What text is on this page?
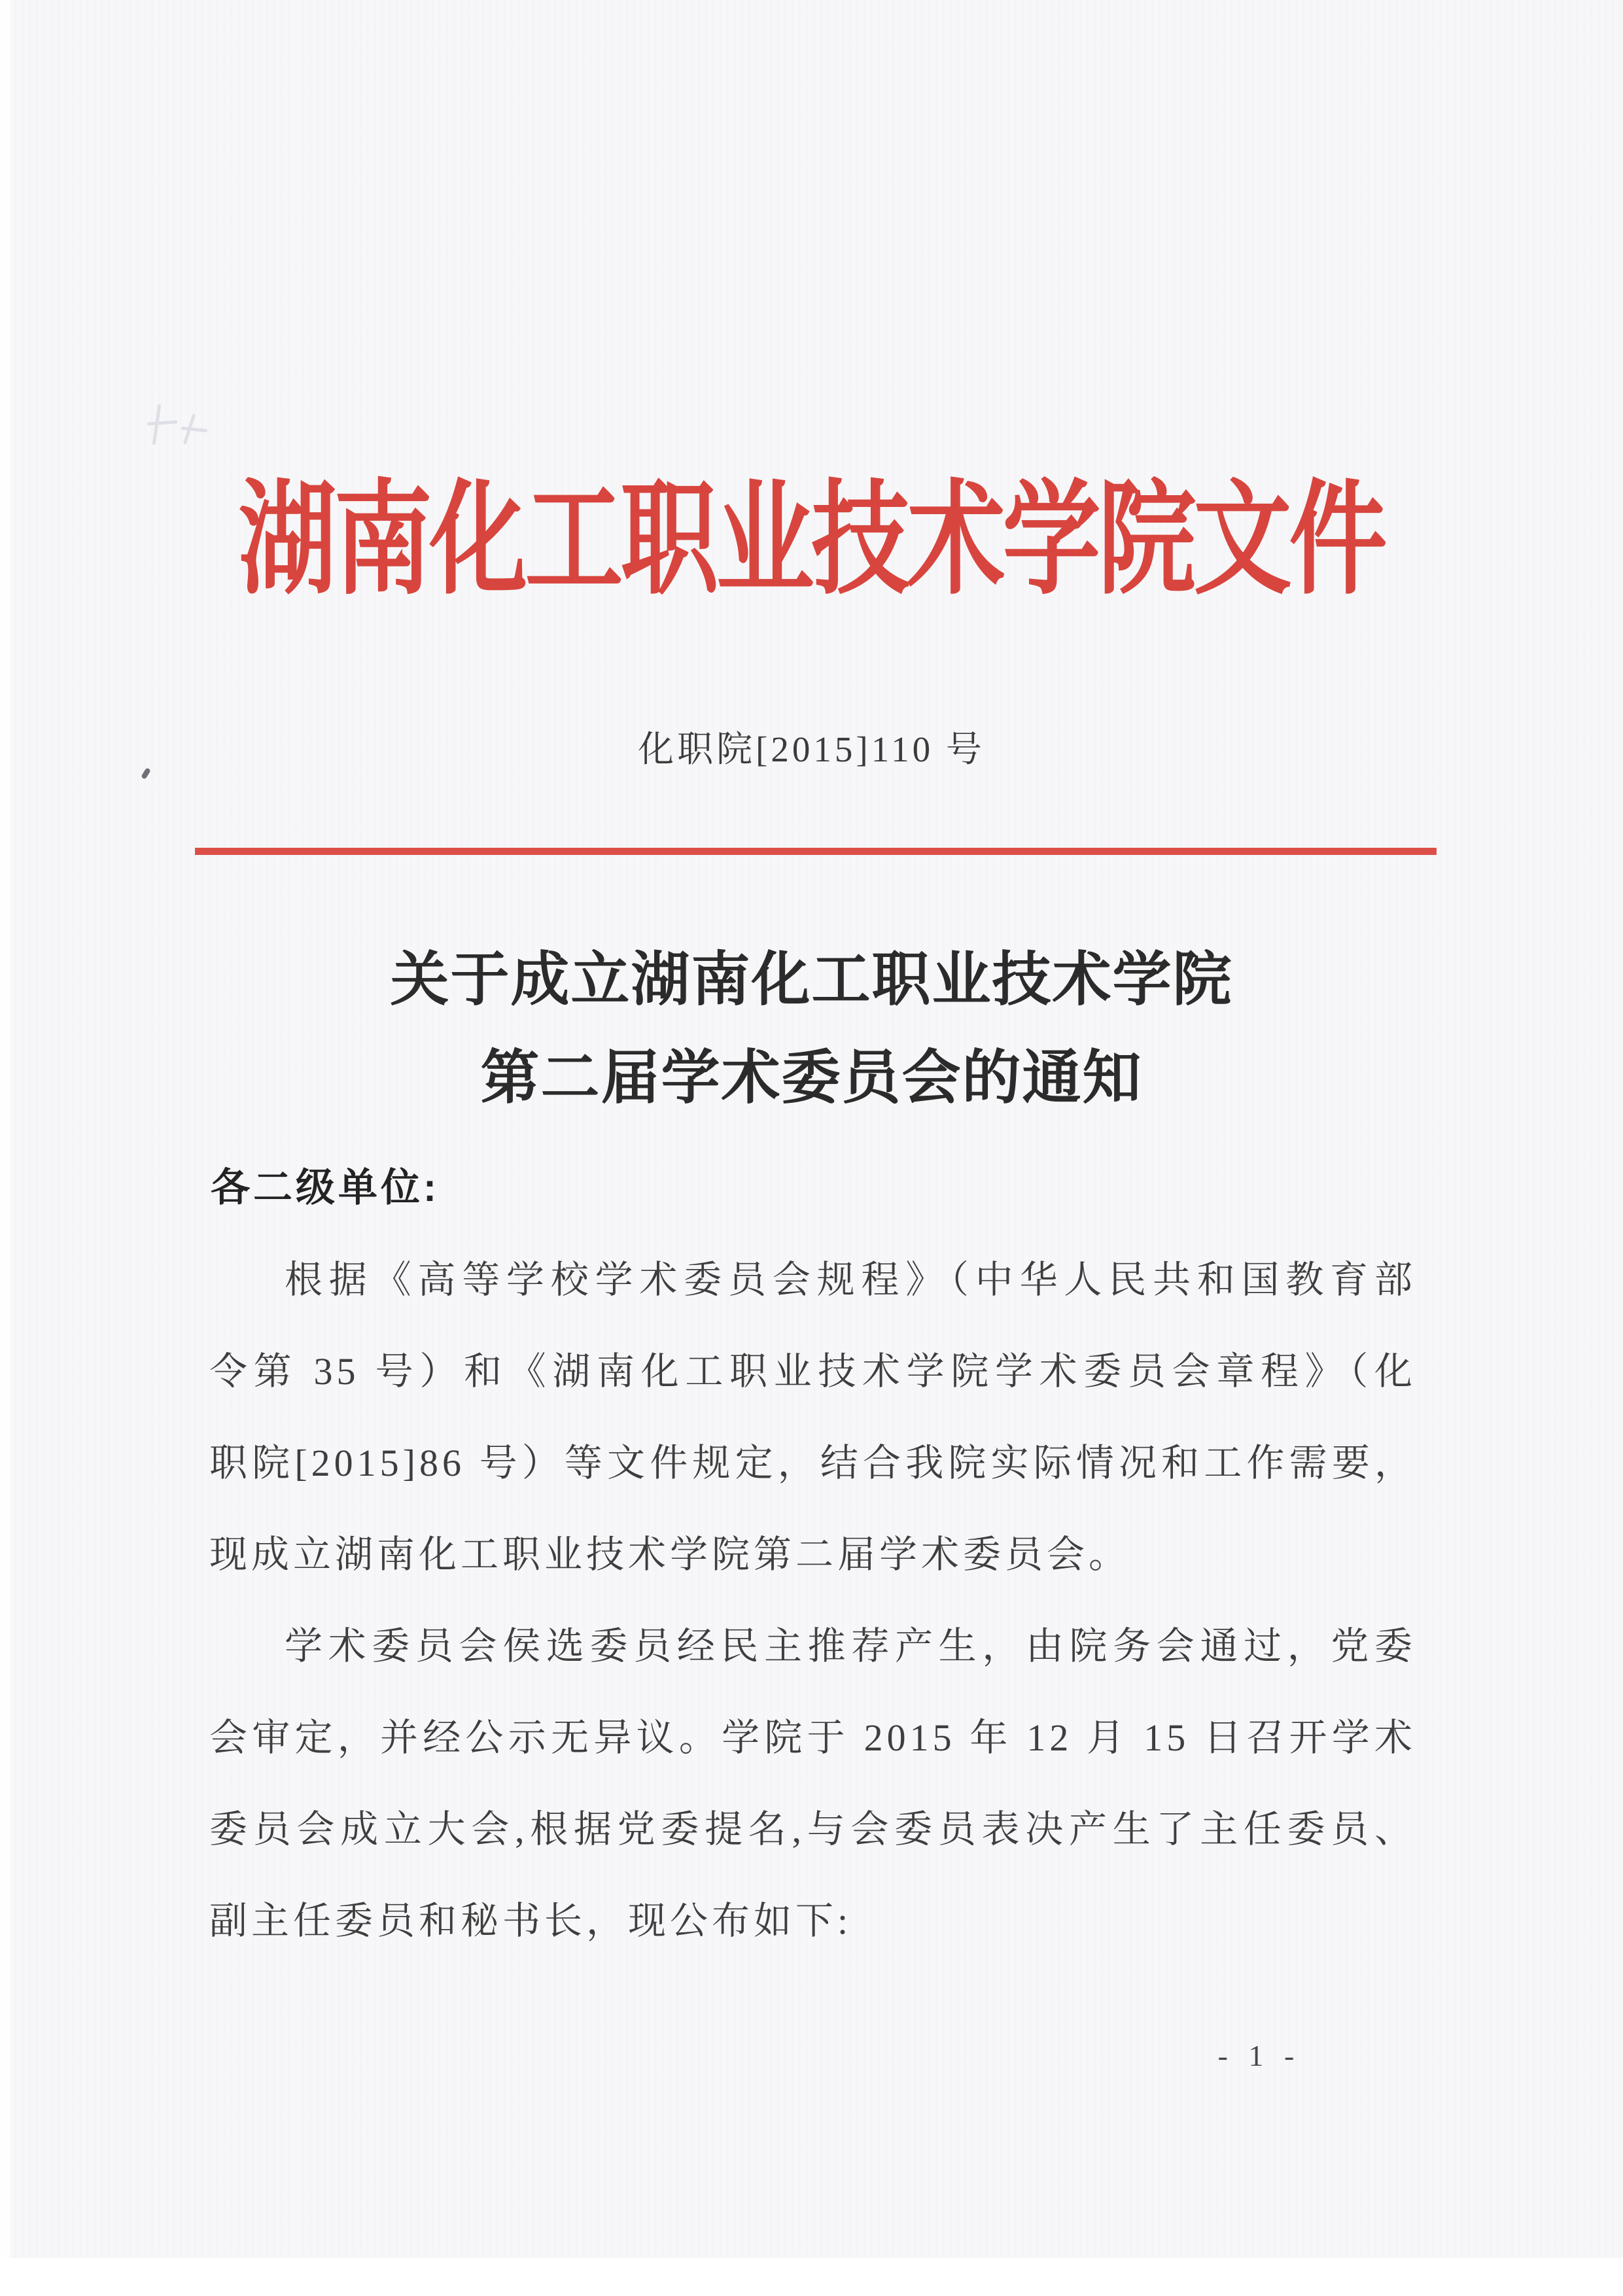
湖南化工职业技术学院文件
化职院[2015]110 号
关于成立湖南化工职业技术学院
第二届学术委员会的通知
各二级单位:
根据《高等学校学术委员会规程》（中华人民共和国教育部
令第 35 号）和《湖南化工职业技术学院学术委员会章程》（化
职院[2015]86 号）等文件规定，结合我院实际情况和工作需要，
现成立湖南化工职业技术学院第二届学术委员会。
学术委员会侯选委员经民主推荐产生，由院务会通过，党委
会审定，并经公示无异议。学院于 2015 年 12 月 15 日召开学术
委员会成立大会,根据党委提名,与会委员表决产生了主任委员、
副主任委员和秘书长，现公布如下:
- 1 -
